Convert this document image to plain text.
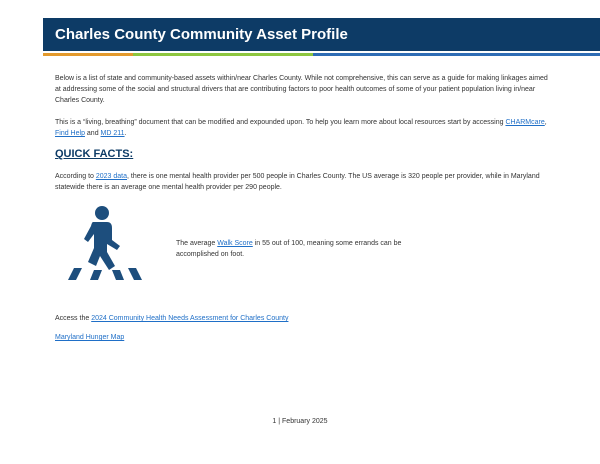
Charles County Community Asset Profile
Below is a list of state and community-based assets within/near Charles County. While not comprehensive, this can serve as a guide for making linkages aimed at addressing some of the social and structural drivers that are contributing factors to poor health outcomes of some of your patient population living in/near Charles County.
This is a “living, breathing” document that can be modified and expounded upon. To help you learn more about local resources start by accessing CHARMcare, Find Help and MD 211.
QUICK FACTS:
According to 2023 data, there is one mental health provider per 500 people in Charles County. The US average is 320 people per provider, while in Maryland statewide there is an average one mental health provider per 290 people.
The average Walk Score in 55 out of 100, meaning some errands can be accomplished on foot.
Access the 2024 Community Health Needs Assessment for Charles County
Maryland Hunger Map
1 | February 2025
